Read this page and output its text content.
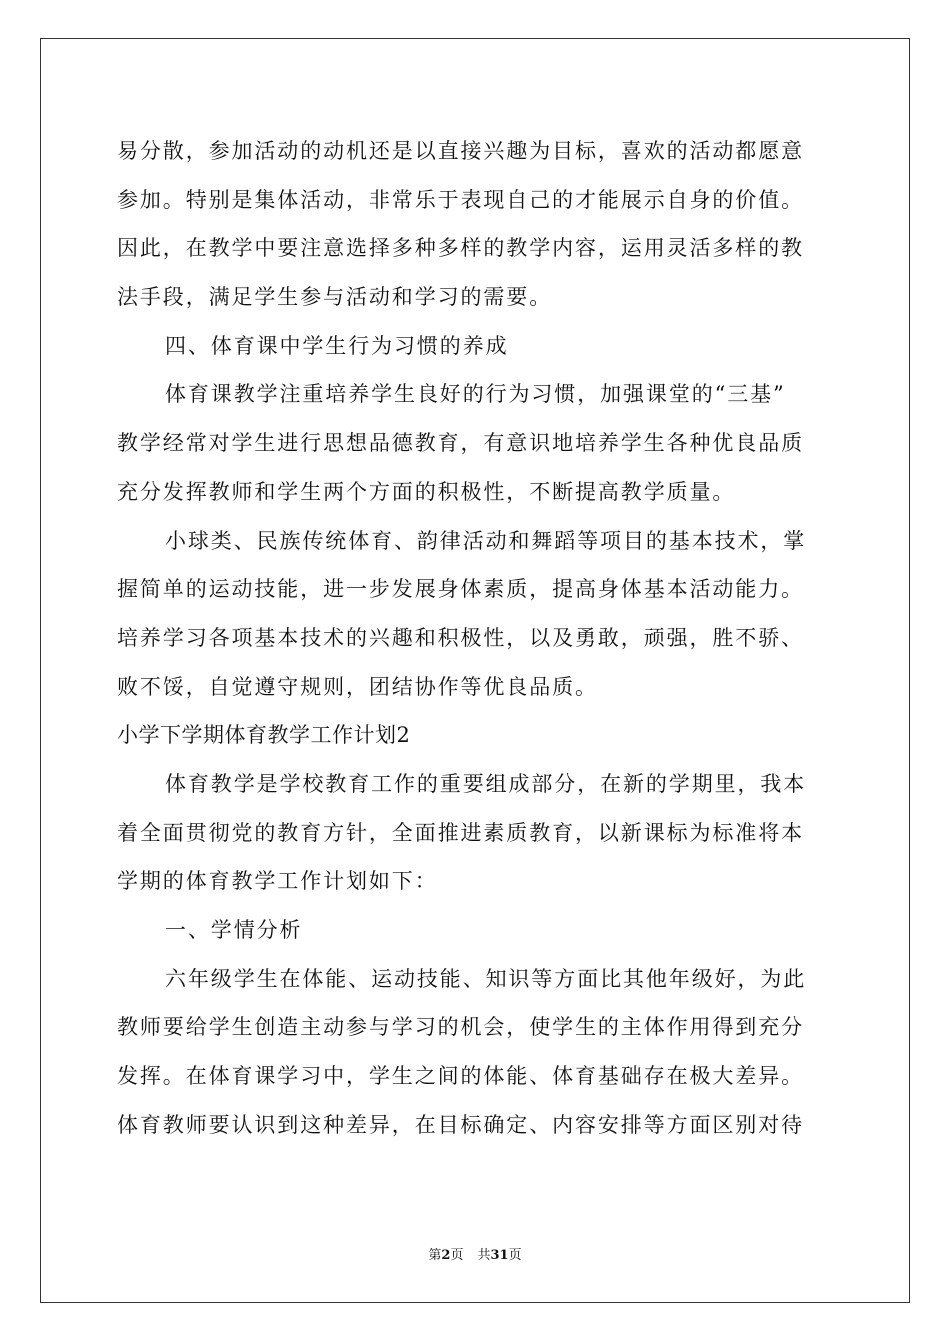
易分散，参加活动的动机还是以直接兴趣为目标，喜欢的活动都愿意
参加。特别是集体活动，非常乐于表现自己的才能展示自身的价值。
因此，在教学中要注意选择多种多样的教学内容，运用灵活多样的教
法手段，满足学生参与活动和学习的需要。
四、体育课中学生行为习惯的养成
体育课教学注重培养学生良好的行为习惯，加强课堂的“三基”
教学经常对学生进行思想品德教育，有意识地培养学生各种优良品质
充分发挥教师和学生两个方面的积极性，不断提高教学质量。
小球类、民族传统体育、韵律活动和舞蹈等项目的基本技术，掌
握简单的运动技能，进一步发展身体素质，提高身体基本活动能力。
培养学习各项基本技术的兴趣和积极性，以及勇敢，顽强，胜不骄、
败不馁，自觉遵守规则，团结协作等优良品质。
小学下学期体育教学工作计划2
体育教学是学校教育工作的重要组成部分，在新的学期里，我本
着全面贯彻党的教育方针，全面推进素质教育，以新课标为标准将本
学期的体育教学工作计划如下：
一、学情分析
六年级学生在体能、运动技能、知识等方面比其他年级好，为此
教师要给学生创造主动参与学习的机会，使学生的主体作用得到充分
发挥。在体育课学习中，学生之间的体能、体育基础存在极大差异。
体育教师要认识到这种差异，在目标确定、内容安排等方面区别对待
第2页 共31页
